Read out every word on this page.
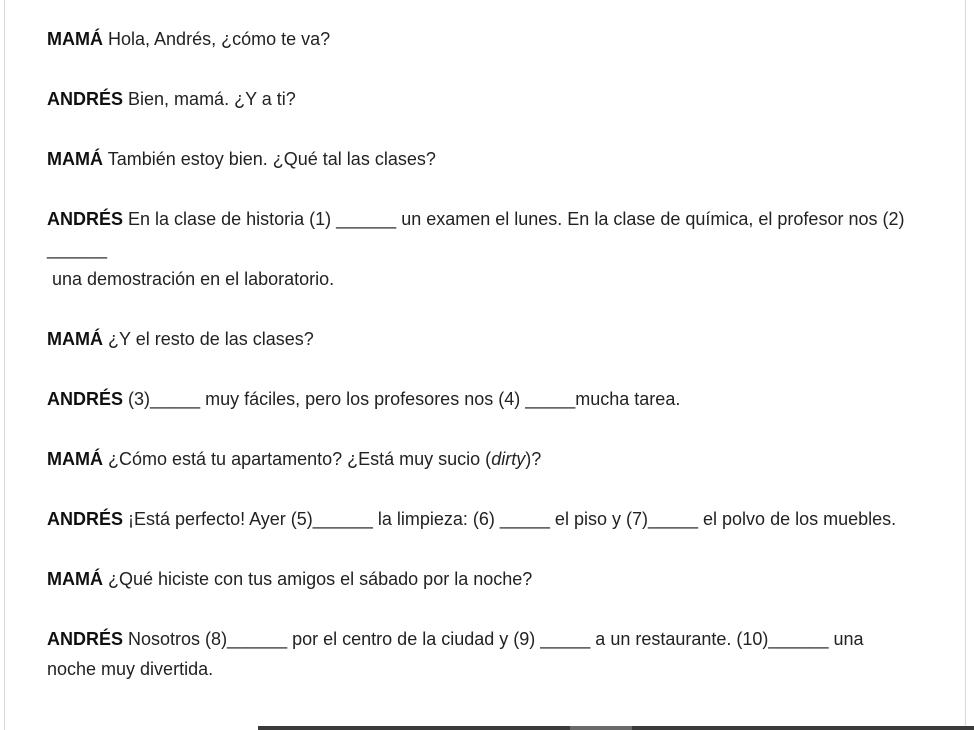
MAMÁ Hola, Andrés, ¿cómo te va?

ANDRÉS Bien, mamá. ¿Y a ti?

MAMÁ También estoy bien. ¿Qué tal las clases?

ANDRÉS En la clase de historia (1) ______ un examen el lunes. En la clase de química, el profesor nos (2) ______
una demostración en el laboratorio.

MAMÁ ¿Y el resto de las clases?

ANDRÉS (3)_____ muy fáciles, pero los profesores nos (4) _____mucha tarea.

MAMÁ ¿Cómo está tu apartamento? ¿Está muy sucio (dirty)?

ANDRÉS ¡Está perfecto! Ayer (5)______ la limpieza: (6) _____ el piso y (7)_____ el polvo de los muebles.

MAMÁ ¿Qué hiciste con tus amigos el sábado por la noche?

ANDRÉS Nosotros (8)______ por el centro de la ciudad y (9) _____ a un restaurante. (10)______ una noche muy divertida.
